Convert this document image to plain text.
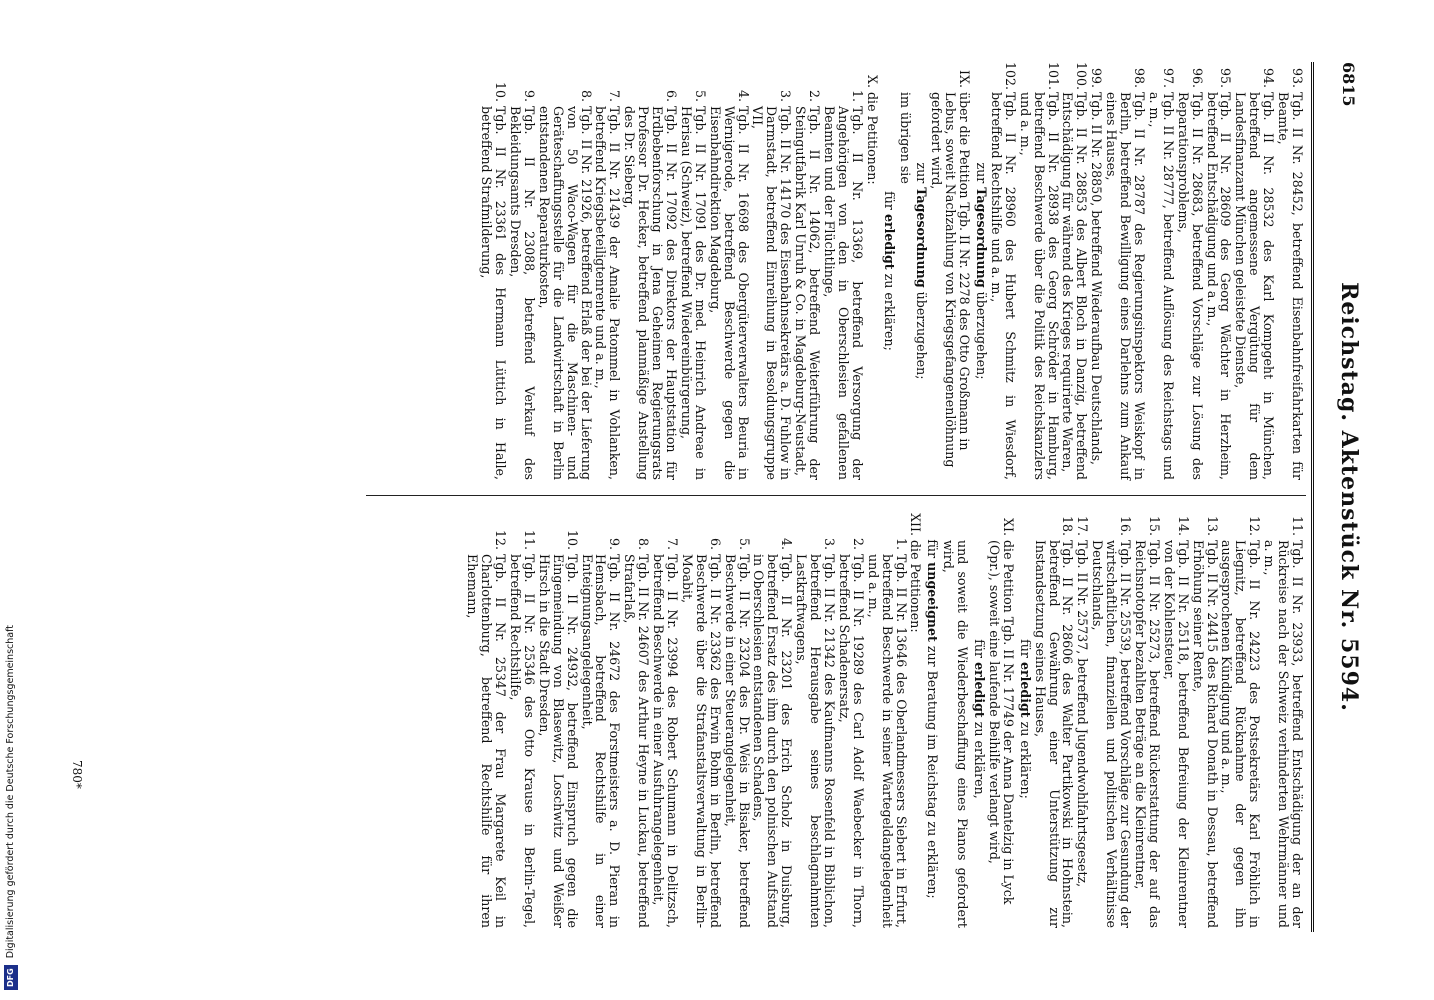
6815
Reichstag. Aktenstück Nr. 5594.
93.
Tgb. II Nr. 28452, betreffend Eisenbahnfreifahrkarten für Beamte,
94.
Tgb. II Nr. 28532 des Karl Kompgeht in München, betreffend angemessene Vergütung für dem Landesfinanzamt München geleistete Dienste,
95.
Tgb. II Nr. 28609 des Georg Wächter in Herzheim, betreffend Entschädigung und a. m.,
96.
Tgb. II Nr. 28683, betreffend Vorschläge zur Lösung des Reparationsproblems,
97.
Tgb. II Nr. 28777, betreffend Auflösung des Reichstags und a. m.,
98.
Tgb. II Nr. 28787 des Regierungsinspektors Weiskopf in Berlin, betreffend Bewilligung eines Darlehns zum Ankauf eines Hauses,
99.
Tgb. II Nr. 28850, betreffend Wiederaufbau Deutschlands,
100.
Tgb. II Nr. 28853 des Albert Bloch in Danzig, betreffend Entschädigung für während des Krieges requirierte Waren,
101.
Tgb. II Nr. 28938 des Georg Schröder in Hamburg, betreffend Beschwerde über die Politik des Reichskanzlers und a. m.,
102.
Tgb. II Nr. 28960 des Hubert Schmitz in Wiesdorf, betreffend Rechtshilfe und a. m.,
zur Tagesordnung überzugehen;
IX.
über die Petition Tgb. II Nr. 2278 des Otto Großmann in Lebus, soweit Nachzahlung von Kriegsgefangenenlöhnung gefordert wird,
zur Tagesordnung überzugehen;
im übrigen sie
für erledigt zu erklären;
X.
die Petitionen:
1.
Tgb. II Nr. 13369, betreffend Versorgung der Angehörigen von den in Oberschlesien gefallenen Beamten und der Flüchtlinge,
2.
Tgb. II Nr. 14062, betreffend Weiterführung der Steingutfabrik Karl Unruh & Co. in Magdeburg-Neustadt,
3.
Tgb. II Nr. 14170 des Eisenbahnsekretärs a. D. Fuhlow in Darmstadt, betreffend Einreihung in Besoldungsgruppe VII,
4.
Tgb. II Nr. 16698 des Obergüterverwalters Beuria in Wernigerode, betreffend Beschwerde gegen die Eisenbahndirektion Magdeburg,
5.
Tgb. II Nr. 17091 des Dr. med. Heinrich Andreae in Herisau (Schweiz), betreffend Wiedereinbürgerung,
6.
Tgb. II Nr. 17092 des Direktors der Hauptstation für Erdbebenforschung in Jena Geheimen Regierungsrats Professor Dr. Hecker, betreffend planmäßige Anstellung des Dr. Sieberg,
7.
Tgb. II Nr. 21439 der Amalie Patommel in Vohlanken, betreffend Kriegsbeteiligtenrente und a. m.,
8.
Tgb. II Nr. 21926, betreffend Erlaß der bei der Lieferung von 50 Waco-Wagen für die Maschinen- und Geräteschaffungsstelle für die Landwirtschaft in Berlin entstandenen Reparaturkosten,
9.
Tgb. II Nr. 23088, betreffend Verkauf des Bekleidungsamts Dresden,
10.
Tgb. II Nr. 23361 des Hermann Lüttich in Halle, betreffend Strafmilderung,
11.
Tgb. II Nr. 23933, betreffend Entschädigung der an der Rückreise nach der Schweiz verhinderten Wehrmänner und a. m.,
12.
Tgb. II Nr. 24223 des Postsekretärs Karl Fröhlich in Liegnitz, betreffend Rücknahme der gegen ihn ausgesprochenen Kündigung und a. m.,
13.
Tgb. II Nr. 24415 des Richard Donath in Dessau, betreffend Erhöhung seiner Rente,
14.
Tgb. II Nr. 25118, betreffend Befreiung der Kleinrentner von der Kohlensteuer,
15.
Tgb. II Nr. 25273, betreffend Rückerstattung der auf das Reichsnotopfer bezahlten Beträge an die Kleinrentner,
16.
Tgb. II Nr. 25539, betreffend Vorschläge zur Gesundung der wirtschaftlichen, finanziellen und politischen Verhältnisse Deutschlands,
17.
Tgb. II Nr. 25737, betreffend Jugendwohlfahrtsgesetz,
18.
Tgb. II Nr. 28606 des Walter Partikowski in Hohnstein, betreffend Gewährung einer Unterstützung zur Instandsetzung seines Hauses,
für erledigt zu erklären;
XI.
die Petition Tgb. II Nr. 17749 der Anna Dantelzig in Lyck (Opr.), soweit eine laufende Beihilfe verlangt wird,
für erledigt zu erklären,
und soweit die Wiederbeschaffung eines Pianos gefordert wird,
für ungeeignet zur Beratung im Reichstag zu erklären;
XII.
die Petitionen:
1.
Tgb. II Nr. 13646 des Oberlandmessers Siebert in Erfurt, betreffend Beschwerde in seiner Wartegeldangelegenheit und a. m.,
2.
Tgb. II Nr. 19289 des Carl Adolf Waebecker in Thorn, betreffend Schadenersatz,
3.
Tgb. II Nr. 21342 des Kaufmanns Rosenfeld in Biblichon, betreffend Herausgabe seines beschlagnahmten Lastkraftwagens,
4.
Tgb. II Nr. 23201 des Erich Scholz in Duisburg, betreffend Ersatz des ihm durch den polnischen Aufstand in Oberschlesien entstandenen Schadens,
5.
Tgb. II Nr. 23204 des Dr. Weis in Bisaker, betreffend Beschwerde in einer Steuerangelegenheit,
6.
Tgb. II Nr. 23362 des Erwin Bohm in Berlin, betreffend Beschwerde über die Strafanstaltsverwaltung in Berlin-Moabit,
7.
Tgb. II Nr. 23994 des Robert Schumann in Delitzsch, betreffend Beschwerde in einer Ausfuhrangelegenheit,
8.
Tgb. II Nr. 24607 des Arthur Heyne in Luckau, betreffend Strafarlaß,
9.
Tgb. II Nr. 24672 des Forstmeisters a. D. Pieran in Hemsbach, betreffend Rechtshilfe in einer Enteignungsangelegenheit,
10.
Tgb. II Nr. 24932, betreffend Einspruch gegen die Eingemeindung von Blasewitz, Loschwitz und Weißer Hirsch in die Stadt Dresden,
11.
Tgb. II Nr. 25346 des Otto Krause in Berlin-Tegel, betreffend Rechtshilfe,
12.
Tgb. II Nr. 25347 der Frau Margarete Keil in Charlottenburg, betreffend Rechtshilfe für ihren Ehemann,
780*
DFG Digitalisierung gefördert durch die Deutsche Forschungsgemeinschaft
